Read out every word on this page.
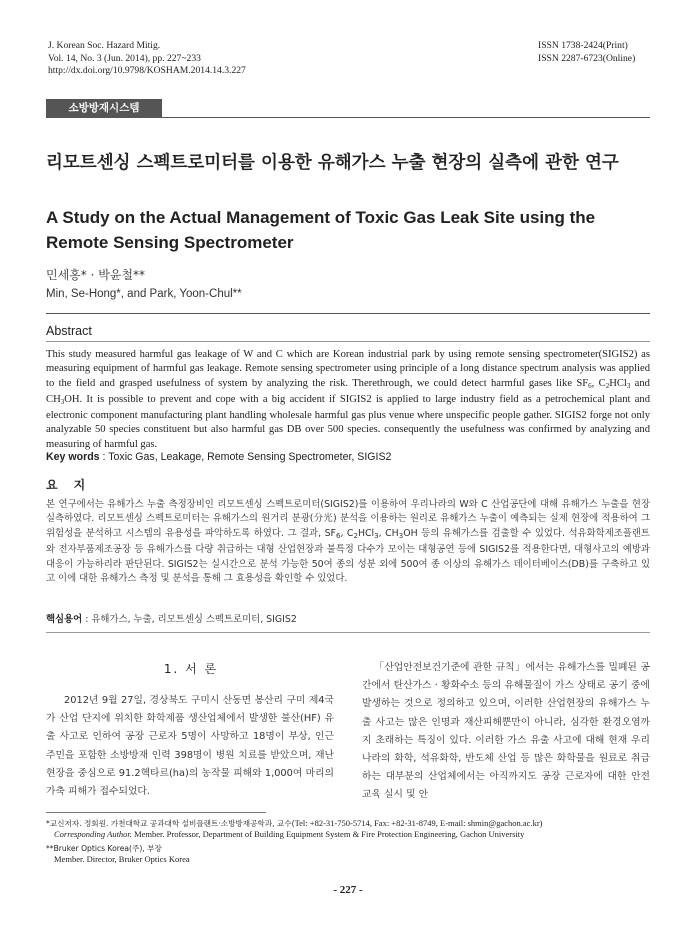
J. Korean Soc. Hazard Mitig.
Vol. 14, No. 3 (Jun. 2014), pp. 227~233
http://dx.doi.org/10.9798/KOSHAM.2014.14.3.227
ISSN 1738-2424(Print)
ISSN 2287-6723(Online)
소방방재시스템
리모트센싱 스펙트로미터를 이용한 유해가스 누출 현장의 실측에 관한 연구
A Study on the Actual Management of Toxic Gas Leak Site using the Remote Sensing Spectrometer
민세홍* · 박윤철**
Min, Se-Hong*, and Park, Yoon-Chul**
Abstract
This study measured harmful gas leakage of W and C which are Korean industrial park by using remote sensing spectrometer(SIGIS2) as measuring equipment of harmful gas leakage. Remote sensing spectrometer using principle of a long distance spectrum analysis was applied to the field and grasped usefulness of system by analyzing the risk. Therethrough, we could detect harmful gases like $SF_6$, $C_2HCl_3$ and $CH_3OH$. It is possible to prevent and cope with a big accident if SIGIS2 is applied to large industry field as a petrochemical plant and electronic component manufacturing plant handling wholesale harmful gas plus venue where unspecific people gather. SIGIS2 forge not only analyzable 50 species constituent but also harmful gas DB over 500 species. consequently the usefulness was confirmed by analyzing and measuring of harmful gas.
Key words : Toxic Gas, Leakage, Remote Sensing Spectrometer, SIGIS2
요지
본 연구에서는 유해가스 누출 측정장비인 리모트센싱 스펙트로미터(SIGIS2)를 이용하여 우리나라의 W와 C 산업공단에 대해 유해가스 누출을 현장 실측하였다. 리모트센싱 스펙트로미터는 유해가스의 원거리 분광(分光) 분석을 이용하는 원리로 유해가스 누출이 예측되는 실제 현장에 적용하여 그 위험성을 분석하고 시스템의 유용성을 파악하도록 하였다. 그 결과, $SF_6$, $C_2HCl_3$, $CH_3OH$ 등의 유해가스를 검출할 수 있었다. 석유화학제조플랜트와 전자부품제조공장 등 유해가스를 다량 취급하는 대형 산업현장과 불특정 다수가 모이는 대형공연 등에 SIGIS2를 적용한다면, 대형사고의 예방과 대응이 가능하리라 판단된다. SIGIS2는 실시간으로 분석 가능한 50여 종의 성분 외에 500여 종 이상의 유해가스 데이터베이스(DB)를 구축하고 있고 이에 대한 유해가스 측정 및 분석을 통해 그 효용성을 확인할 수 있었다.
핵심용어 : 유해가스, 누출, 리모트센싱 스펙트로미터, SIGIS2
1. 서 론
2012년 9월 27일, 경상북도 구미시 산동면 봉산리 구미 제4국가 산업 단지에 위치한 화학제품 생산업체에서 발생한 불산(HF) 유출 사고로 인하여 공장 근로자 5명이 사망하고 18명이 부상, 인근 주민을 포함한 소방방재 인력 398명이 병원 치료를 받았으며, 재난현장을 중심으로 91.2헥타르(ha)의 농작물 피해와 1,000여 마리의 가축 피해가 접수되었다.
「산업안전보건기준에 관한 규칙」에서는 유해가스를 밀폐된 공간에서 탄산가스 · 황화수소 등의 유해물질이 가스 상태로 공기 중에 발생하는 것으로 정의하고 있으며, 이러한 산업현장의 유해가스 누출 사고는 많은 인명과 재산피해뿐만이 아니라, 심각한 환경오염까지 초래하는 특징이 있다. 이러한 가스 유출 사고에 대해 현재 우리나라의 화학, 석유화학, 반도체 산업 등 많은 화학물을 원료로 취급하는 대부분의 산업체에서는 아직까지도 공장 근로자에 대한 안전 교육 실시 및 안
*교신저자. 정회원. 가천대학교 공과대학 설비플랜트·소방방재공학과, 교수(Tel: +82-31-750-5714, Fax: +82-31-8749, E-mail: shmin@gachon.ac.kr)
Corresponding Author. Member. Professor, Department of Building Equipment System & Fire Protection Engineering, Gachon University
**Bruker Optics Korea(주), 부장
Member. Director, Bruker Optics Korea
- 227 -
